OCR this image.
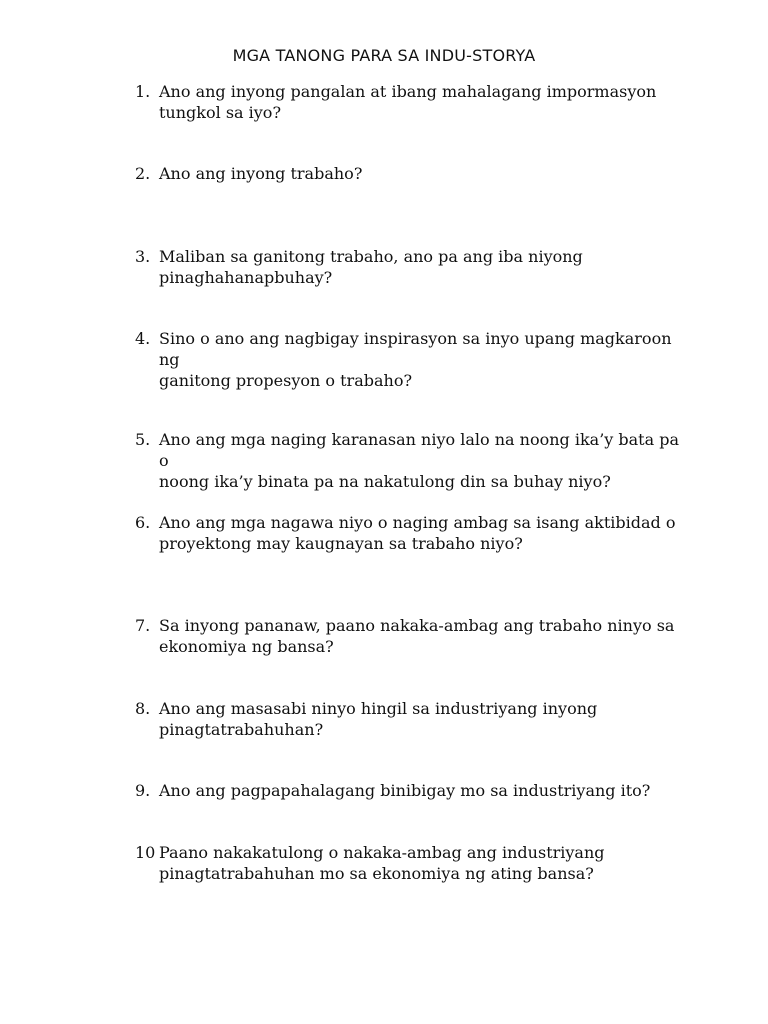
MGA TANONG PARA SA INDU-STORYA
1. Ano ang inyong pangalan at ibang mahalagang impormasyon
tungkol sa iyo?
2. Ano ang inyong trabaho?
3. Maliban sa ganitong trabaho, ano pa ang iba niyong
pinaghahanapbuhay?
4. Sino o ano ang nagbigay inspirasyon sa inyo upang magkaroon ng
ganitong propesyon o trabaho?
5. Ano ang mga naging karanasan niyo lalo na noong ika’y bata pa o
noong ika’y binata pa na nakatulong din sa buhay niyo?
6. Ano ang mga nagawa niyo o naging ambag sa isang aktibidad o
proyektong may kaugnayan sa trabaho niyo?
7. Sa inyong pananaw, paano nakaka-ambag ang trabaho ninyo sa
ekonomiya ng bansa?
8. Ano ang masasabi ninyo hingil sa industriyang inyong
pinagtatrabahuhan?
9. Ano ang pagpapahalagang binibigay mo sa industriyang ito?
10 Paano nakakatulong o nakaka-ambag ang industriyang
pinagtatrabahuhan mo sa ekonomiya ng ating bansa?
